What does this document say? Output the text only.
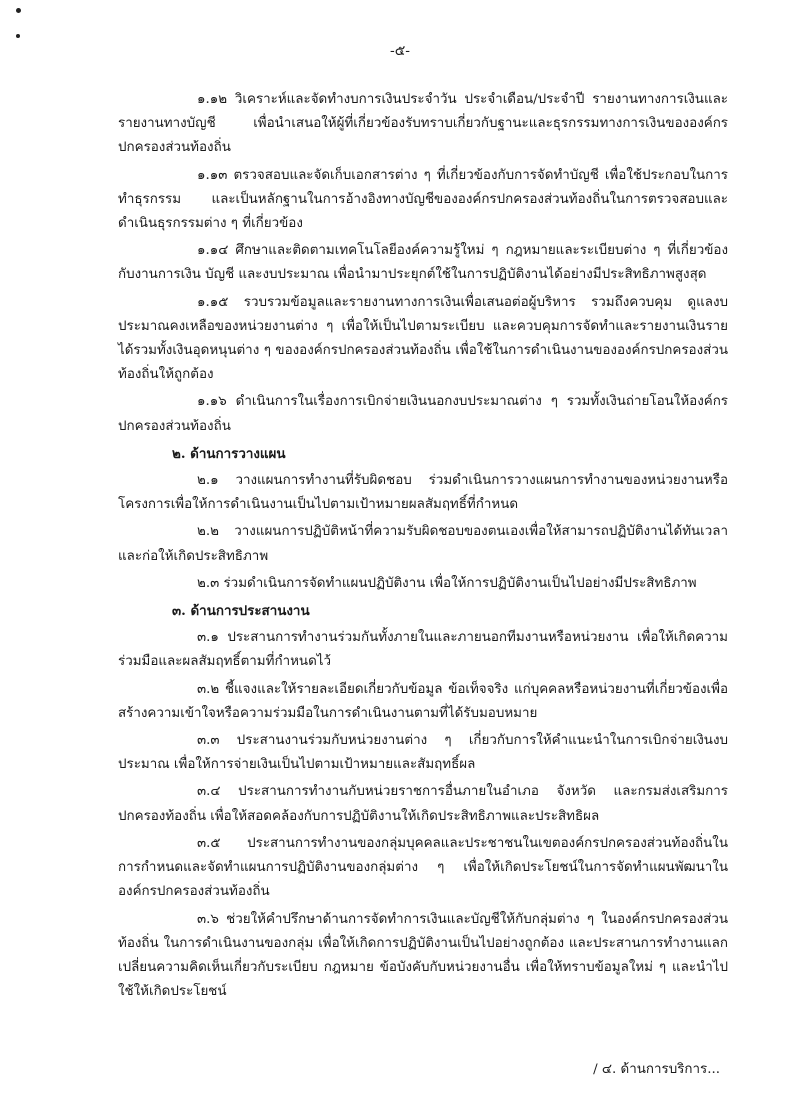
-๕-

๑.๑๒ วิเคราะห์และจัดทำงบการเงินประจำวัน ประจำเดือน/ประจำปี รายงานทางการเงินและรายงานทางบัญชี เพื่อนำเสนอให้ผู้ที่เกี่ยวข้องรับทราบเกี่ยวกับฐานะและธุรกรรมทางการเงินขององค์กรปกครองส่วนท้องถิ่น

๑.๑๓ ตรวจสอบและจัดเก็บเอกสารต่าง ๆ ที่เกี่ยวข้องกับการจัดทำบัญชี เพื่อใช้ประกอบในการทำธุรกรรม และเป็นหลักฐานในการอ้างอิงทางบัญชีขององค์กรปกครองส่วนท้องถิ่นในการตรวจสอบและดำเนินธุรกรรมต่าง ๆ ที่เกี่ยวข้อง

๑.๑๔ ศึกษาและติดตามเทคโนโลยีองค์ความรู้ใหม่ ๆ กฎหมายและระเบียบต่าง ๆ ที่เกี่ยวข้องกับงานการเงิน บัญชี และงบประมาณ เพื่อนำมาประยุกต์ใช้ในการปฏิบัติงานได้อย่างมีประสิทธิภาพสูงสุด

๑.๑๕ รวบรวมข้อมูลและรายงานทางการเงินเพื่อเสนอต่อผู้บริหาร รวมถึงควบคุม ดูแลงบประมาณคงเหลือของหน่วยงานต่าง ๆ เพื่อให้เป็นไปตามระเบียบ และควบคุมการจัดทำและรายงานเงินรายได้รวมทั้งเงินอุดหนุนต่าง ๆ ขององค์กรปกครองส่วนท้องถิ่น เพื่อใช้ในการดำเนินงานขององค์กรปกครองส่วนท้องถิ่นให้ถูกต้อง

๑.๑๖ ดำเนินการในเรื่องการเบิกจ่ายเงินนอกงบประมาณต่าง ๆ รวมทั้งเงินถ่ายโอนให้องค์กรปกครองส่วนท้องถิ่น

๒. ด้านการวางแผน

๒.๑ วางแผนการทำงานที่รับผิดชอบ ร่วมดำเนินการวางแผนการทำงานของหน่วยงานหรือโครงการเพื่อให้การดำเนินงานเป็นไปตามเป้าหมายผลสัมฤทธิ์ที่กำหนด

๒.๒ วางแผนการปฏิบัติหน้าที่ความรับผิดชอบของตนเองเพื่อให้สามารถปฏิบัติงานได้ทันเวลาและก่อให้เกิดประสิทธิภาพ

๒.๓ ร่วมดำเนินการจัดทำแผนปฏิบัติงาน เพื่อให้การปฏิบัติงานเป็นไปอย่างมีประสิทธิภาพ

๓. ด้านการประสานงาน

๓.๑ ประสานการทำงานร่วมกันทั้งภายในและภายนอกทีมงานหรือหน่วยงาน เพื่อให้เกิดความร่วมมือและผลสัมฤทธิ์ตามที่กำหนดไว้

๓.๒ ชี้แจงและให้รายละเอียดเกี่ยวกับข้อมูล ข้อเท็จจริง แก่บุคคลหรือหน่วยงานที่เกี่ยวข้องเพื่อสร้างความเข้าใจหรือความร่วมมือในการดำเนินงานตามที่ได้รับมอบหมาย

๓.๓ ประสานงานร่วมกับหน่วยงานต่าง ๆ เกี่ยวกับการให้คำแนะนำในการเบิกจ่ายเงินงบประมาณ เพื่อให้การจ่ายเงินเป็นไปตามเป้าหมายและสัมฤทธิ์ผล

๓.๔ ประสานการทำงานกับหน่วยราชการอื่นภายในอำเภอ จังหวัด และกรมส่งเสริมการปกครองท้องถิ่น เพื่อให้สอดคล้องกับการปฏิบัติงานให้เกิดประสิทธิภาพและประสิทธิผล

๓.๕ ประสานการทำงานของกลุ่มบุคคลและประชาชนในเขตองค์กรปกครองส่วนท้องถิ่นในการกำหนดและจัดทำแผนการปฏิบัติงานของกลุ่มต่าง ๆ เพื่อให้เกิดประโยชน์ในการจัดทำแผนพัฒนาในองค์กรปกครองส่วนท้องถิ่น

๓.๖ ช่วยให้คำปรึกษาด้านการจัดทำการเงินและบัญชีให้กับกลุ่มต่าง ๆ ในองค์กรปกครองส่วนท้องถิ่น ในการดำเนินงานของกลุ่ม เพื่อให้เกิดการปฏิบัติงานเป็นไปอย่างถูกต้อง และประสานการทำงานแลกเปลี่ยนความคิดเห็นเกี่ยวกับระเบียบ กฎหมาย ข้อบังคับกับหน่วยงานอื่น เพื่อให้ทราบข้อมูลใหม่ ๆ และนำไปใช้ให้เกิดประโยชน์

/ ๔. ด้านการบริการ...
